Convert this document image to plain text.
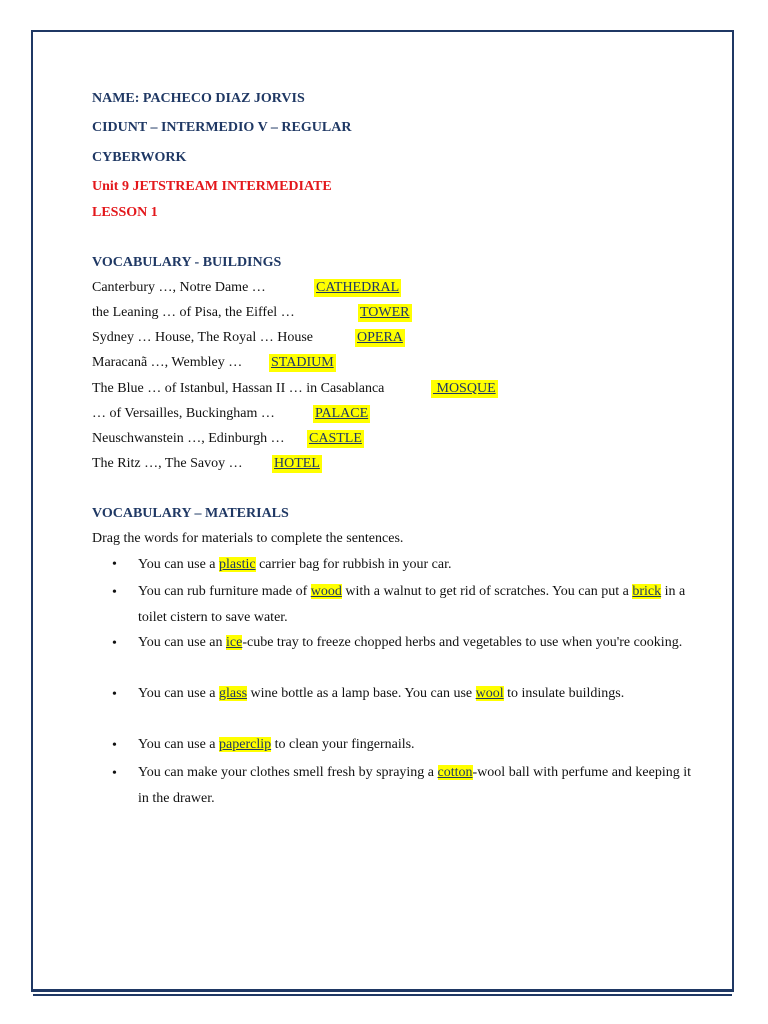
NAME: PACHECO DIAZ JORVIS
CIDUNT – INTERMEDIO V – REGULAR
CYBERWORK
Unit 9 JETSTREAM INTERMEDIATE
LESSON 1
VOCABULARY - BUILDINGS
Canterbury …, Notre Dame …	CATHEDRAL
the Leaning … of Pisa, the Eiffel …	TOWER
Sydney … House, The Royal … House	OPERA
Maracanã …, Wembley … STADIUM
The Blue … of Istanbul, Hassan II … in Casablanca	MOSQUE
… of Versailles, Buckingham …	PALACE
Neuschwanstein …, Edinburgh … CASTLE
The Ritz …, The Savoy … HOTEL
VOCABULARY – MATERIALS
Drag the words for materials to complete the sentences.
• You can use a plastic carrier bag for rubbish in your car.
• You can rub furniture made of wood with a walnut to get rid of scratches. You can put a brick in a toilet cistern to save water.
• You can use an ice-cube tray to freeze chopped herbs and vegetables to use when you're cooking.
• You can use a glass wine bottle as a lamp base. You can use wool to insulate buildings.
• You can use a paperclip to clean your fingernails.
• You can make your clothes smell fresh by spraying a cotton-wool ball with perfume and keeping it in the drawer.
